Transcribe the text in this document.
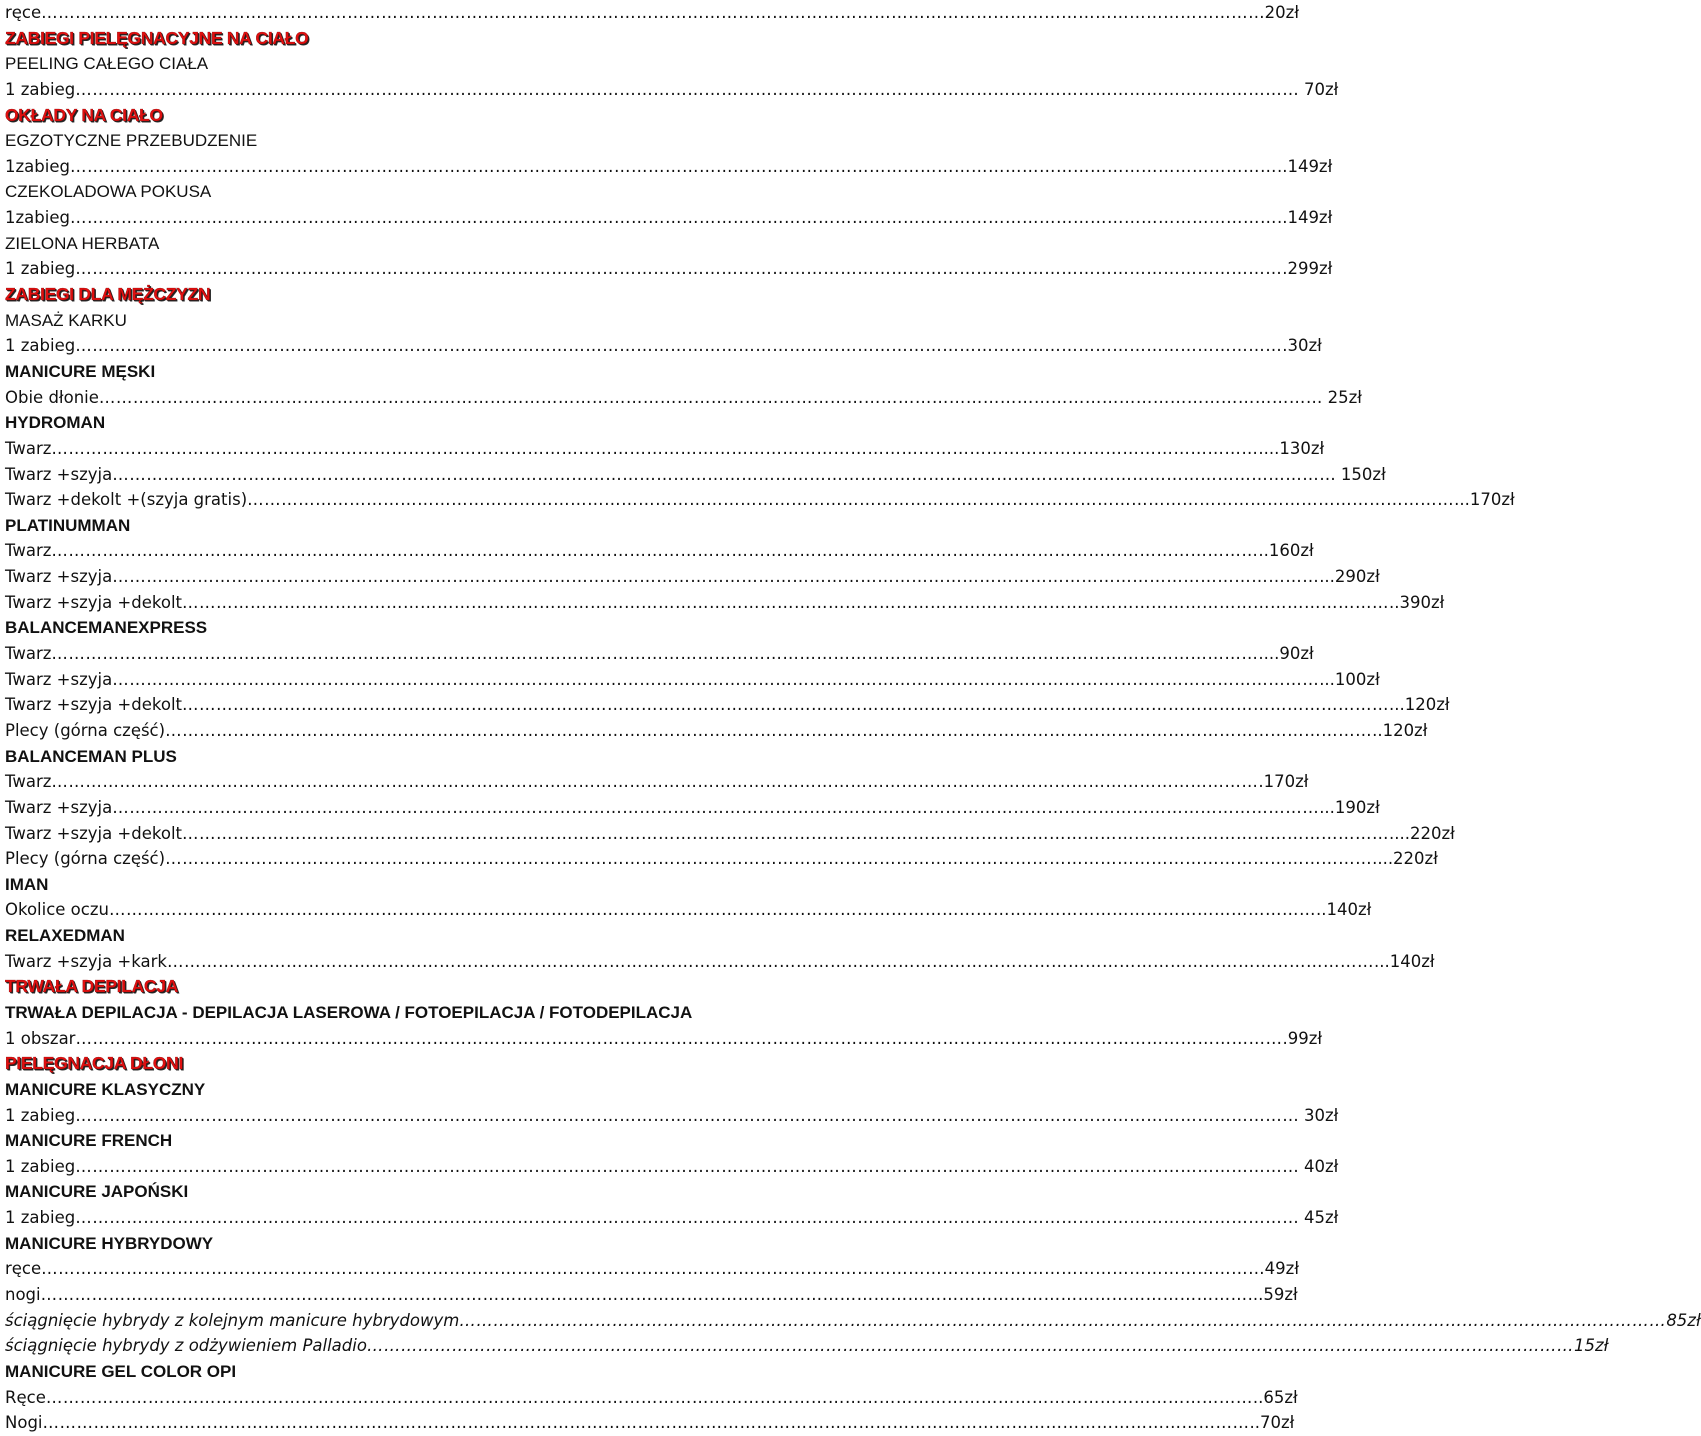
ręce …………………………………………………………………………………………………………………………………………………………………………………………… …20zł
ZABIEGI PIELĘGNACYJNE NA CIAŁO
PEELING CAŁEGO CIAŁA
1 zabieg …………………………………………………………………………………………………………………………………………………………………………………………… … 70zł
OKŁADY NA CIAŁO
EGZOTYCZNE PRZEBUDZENIE
1zabieg …………………………………………………………………………………………………………………………………………………………………………………………… ..149zł
CZEKOLADOWA POKUSA
1zabieg …………………………………………………………………………………………………………………………………………………………………………………………… ..149zł
ZIELONA HERBATA
1 zabieg …………………………………………………………………………………………………………………………………………………………………………………………… .299zł
ZABIEGI DLA MĘŻCZYZN
MASAŻ KARKU
1 zabieg …………………………………………………………………………………………………………………………………………………………………………………………… .30zł
MANICURE MĘSKI
Obie dłonie …………………………………………………………………………………………………………………………………………………………………………………………… … 25zł
HYDROMAN
Twarz …………………………………………………………………………………………………………………………………………………………………………………………… ....130zł
Twarz +szyja …………………………………………………………………………………………………………………………………………………………………………………………… … 150zł
Twarz +dekolt +(szyja gratis) …………………………………………………………………………………………………………………………………………………………………………………………… ...170zł
PLATINUMMAN
Twarz …………………………………………………………………………………………………………………………………………………………………………………………… ..160zł
Twarz +szyja …………………………………………………………………………………………………………………………………………………………………………………………… ...290zł
Twarz +szyja +dekolt …………………………………………………………………………………………………………………………………………………………………………………………… ..390zł
BALANCEMANEXPRESS
Twarz …………………………………………………………………………………………………………………………………………………………………………………………… ....90zł
Twarz +szyja …………………………………………………………………………………………………………………………………………………………………………………………… ...100zł
Twarz +szyja +dekolt …………………………………………………………………………………………………………………………………………………………………………………………… ...120zł
Plecy (górna część) …………………………………………………………………………………………………………………………………………………………………………………………… ..120zł
BALANCEMAN PLUS
Twarz …………………………………………………………………………………………………………………………………………………………………………………………… .170zł
Twarz +szyja …………………………………………………………………………………………………………………………………………………………………………………………… ...190zł
Twarz +szyja +dekolt …………………………………………………………………………………………………………………………………………………………………………………………… ....220zł
Plecy (górna część) …………………………………………………………………………………………………………………………………………………………………………………………… ....220zł
IMAN
Okolice oczu …………………………………………………………………………………………………………………………………………………………………………………………… ..140zł
RELAXEDMAN
Twarz +szyja +kark …………………………………………………………………………………………………………………………………………………………………………………………… ...140zł
TRWAŁA DEPILACJA
TRWAŁA DEPILACJA - DEPILACJA LASEROWA / FOTOEPILACJA / FOTODEPILACJA
1 obszar …………………………………………………………………………………………………………………………………………………………………………………………… .99zł
PIELĘGNACJA DŁONI
MANICURE KLASYCZNY
1 zabieg …………………………………………………………………………………………………………………………………………………………………………………………… … 30zł
MANICURE FRENCH
1 zabieg …………………………………………………………………………………………………………………………………………………………………………………………… … 40zł
MANICURE JAPOŃSKI
1 zabieg …………………………………………………………………………………………………………………………………………………………………………………………… … 45zł
MANICURE HYBRYDOWY
ręce …………………………………………………………………………………………………………………………………………………………………………………………… …49zł
nogi …………………………………………………………………………………………………………………………………………………………………………………………… ...59zł
ściągnięcie hybrydy z kolejnym manicure hybrydowym …………………………………………………………………………………………………………………………………………………………………………………………… 85zł
ściągnięcie hybrydy z odżywieniem Palladio …………………………………………………………………………………………………………………………………………………………………………………………… 15zł
MANICURE GEL COLOR OPI
Ręce …………………………………………………………………………………………………………………………………………………………………………………………… ..65zł
Nogi …………………………………………………………………………………………………………………………………………………………………………………………… ..70zł
